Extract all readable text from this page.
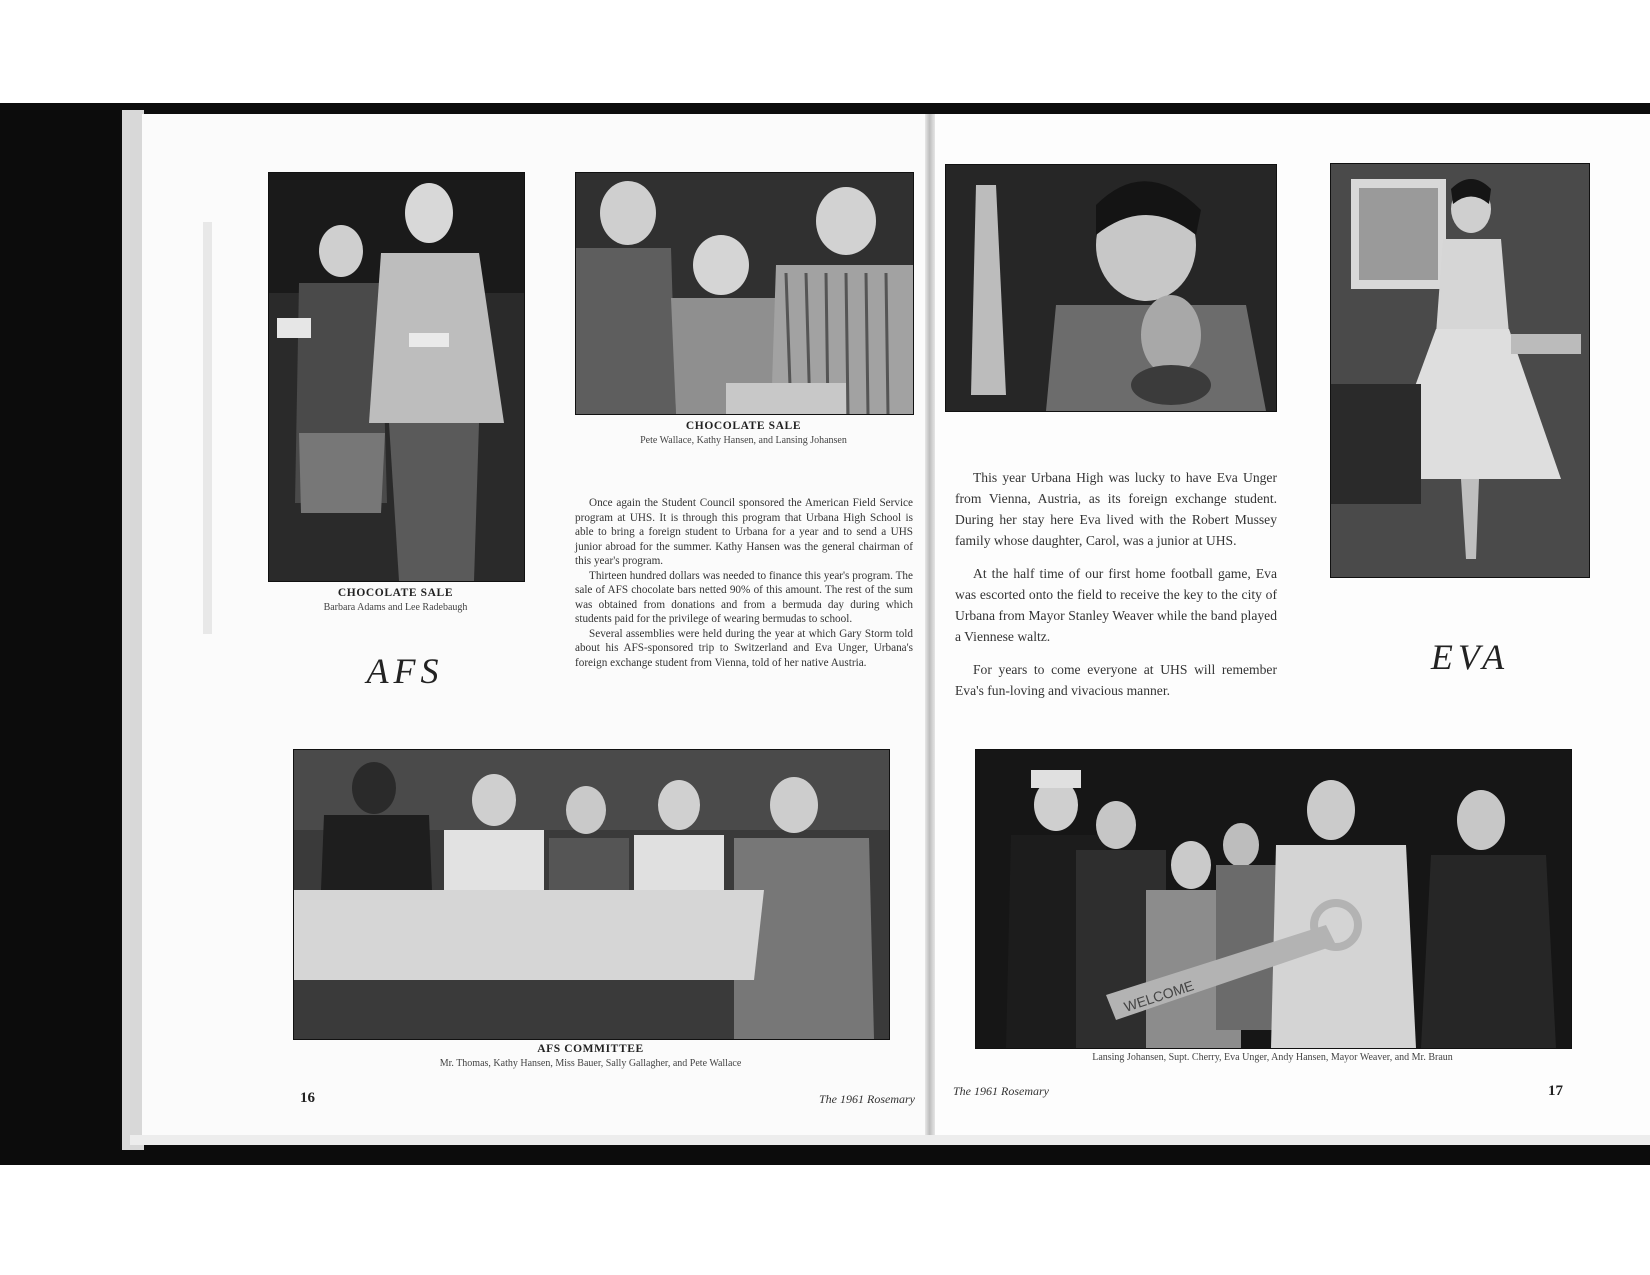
CHOCOLATE SALE
Barbara Adams and Lee Radebaugh
CHOCOLATE SALE
Pete Wallace, Kathy Hansen, and Lansing Johansen
AFS

Once again the Student Council sponsored the American Field Service program at UHS. It is through this program that Urbana High School is able to bring a foreign student to Urbana for a year and to send a UHS junior abroad for the summer. Kathy Hansen was the general chairman of this year's program.

Thirteen hundred dollars was needed to finance this year's program. The sale of AFS chocolate bars netted 90% of this amount. The rest of the sum was obtained from donations and from a bermuda day during which students paid for the privilege of wearing bermudas to school.

Several assemblies were held during the year at which Gary Storm told about his AFS-sponsored trip to Switzerland and Eva Unger, Urbana's foreign exchange student from Vienna, told of her native Austria.

AFS COMMITTEE
Mr. Thomas, Kathy Hansen, Miss Bauer, Sally Gallagher, and Pete Wallace
16	The 1961 Rosemary

This year Urbana High was lucky to have Eva Unger from Vienna, Austria, as its foreign exchange student. During her stay here Eva lived with the Robert Mussey family whose daughter, Carol, was a junior at UHS.

At the half time of our first home football game, Eva was escorted onto the field to receive the key to the city of Urbana from Mayor Stanley Weaver while the band played a Viennese waltz.

For years to come everyone at UHS will remember Eva's fun-loving and vivacious manner.

EVA
WELCOME
Lansing Johansen, Supt. Cherry, Eva Unger, Andy Hansen, Mayor Weaver, and Mr. Braun
The 1961 Rosemary	17
